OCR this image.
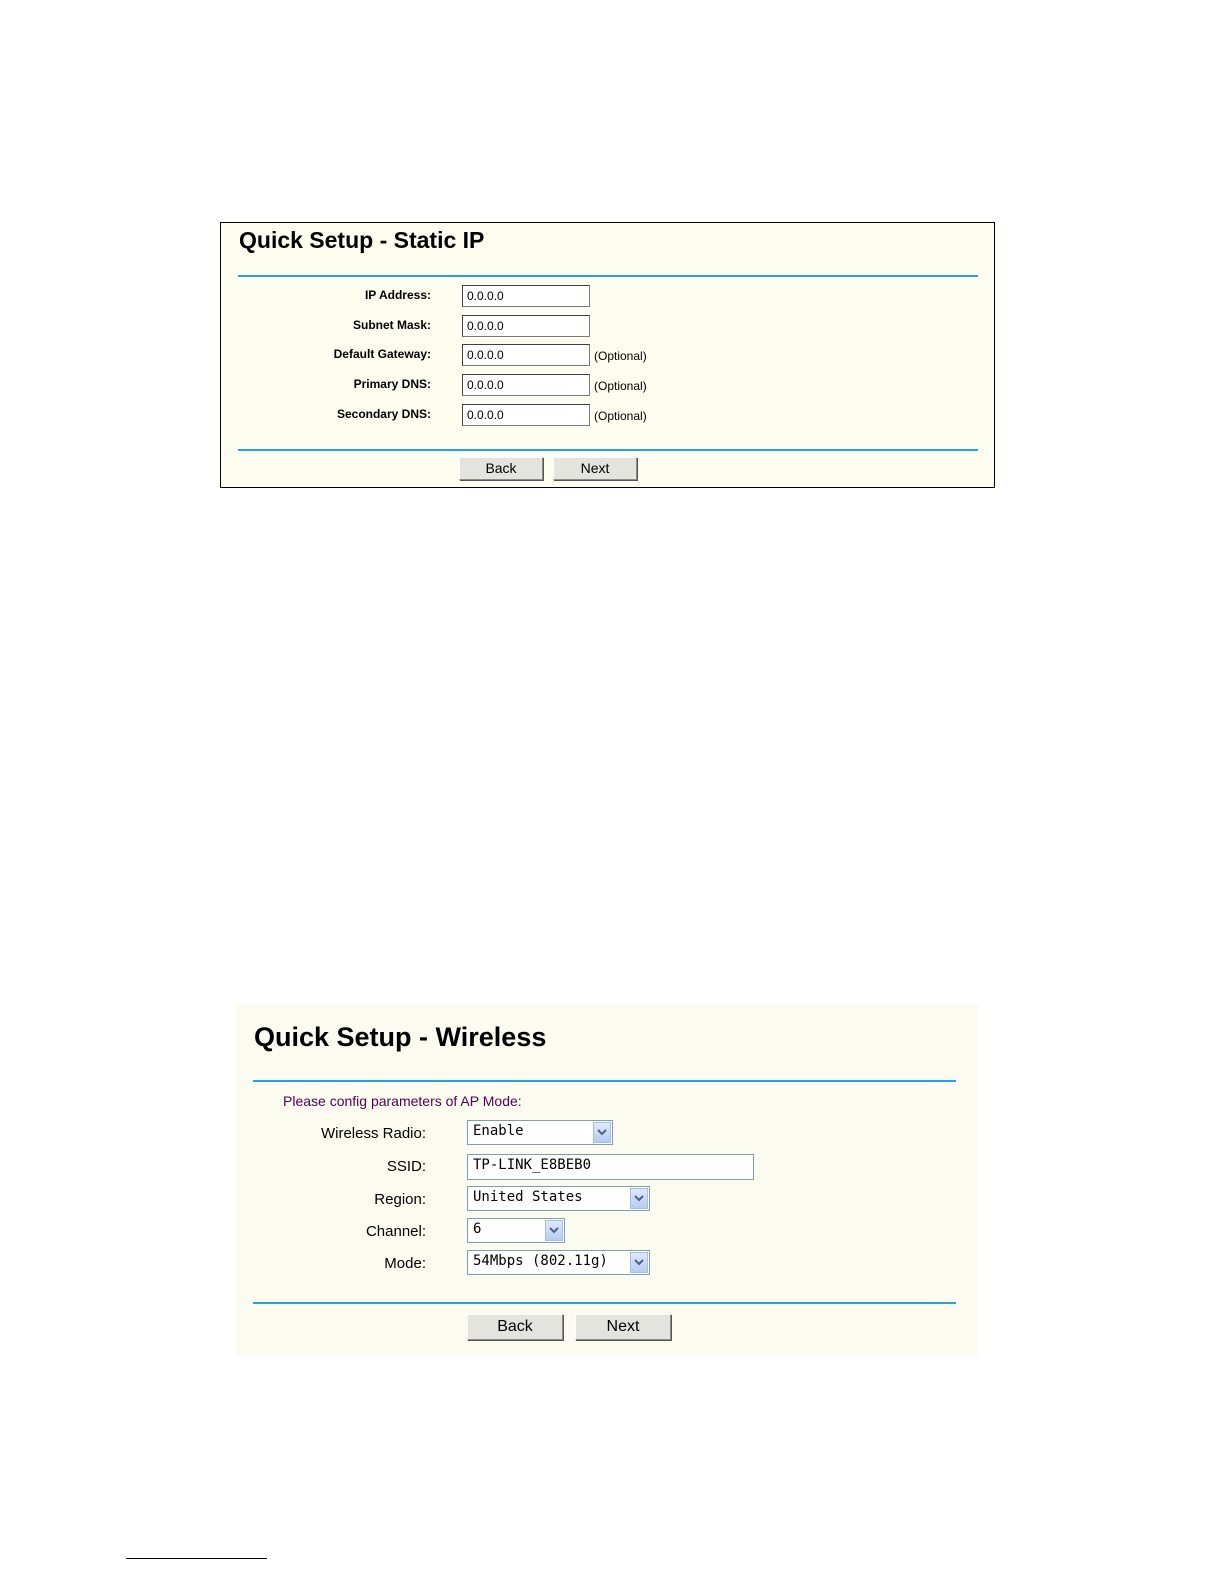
Quick Setup - Static IP
IP Address:	0.0.0.0
Subnet Mask:	0.0.0.0
Default Gateway:	0.0.0.0	(Optional)
Primary DNS:	0.0.0.0	(Optional)
Secondary DNS:	0.0.0.0	(Optional)
Back	Next
Quick Setup - Wireless
Please config parameters of AP Mode:
Wireless Radio:	Enable
SSID:	TP-LINK_E8BEB0
Region:	United States
Channel:	6
Mode:	54Mbps (802.11g)
Back	Next
